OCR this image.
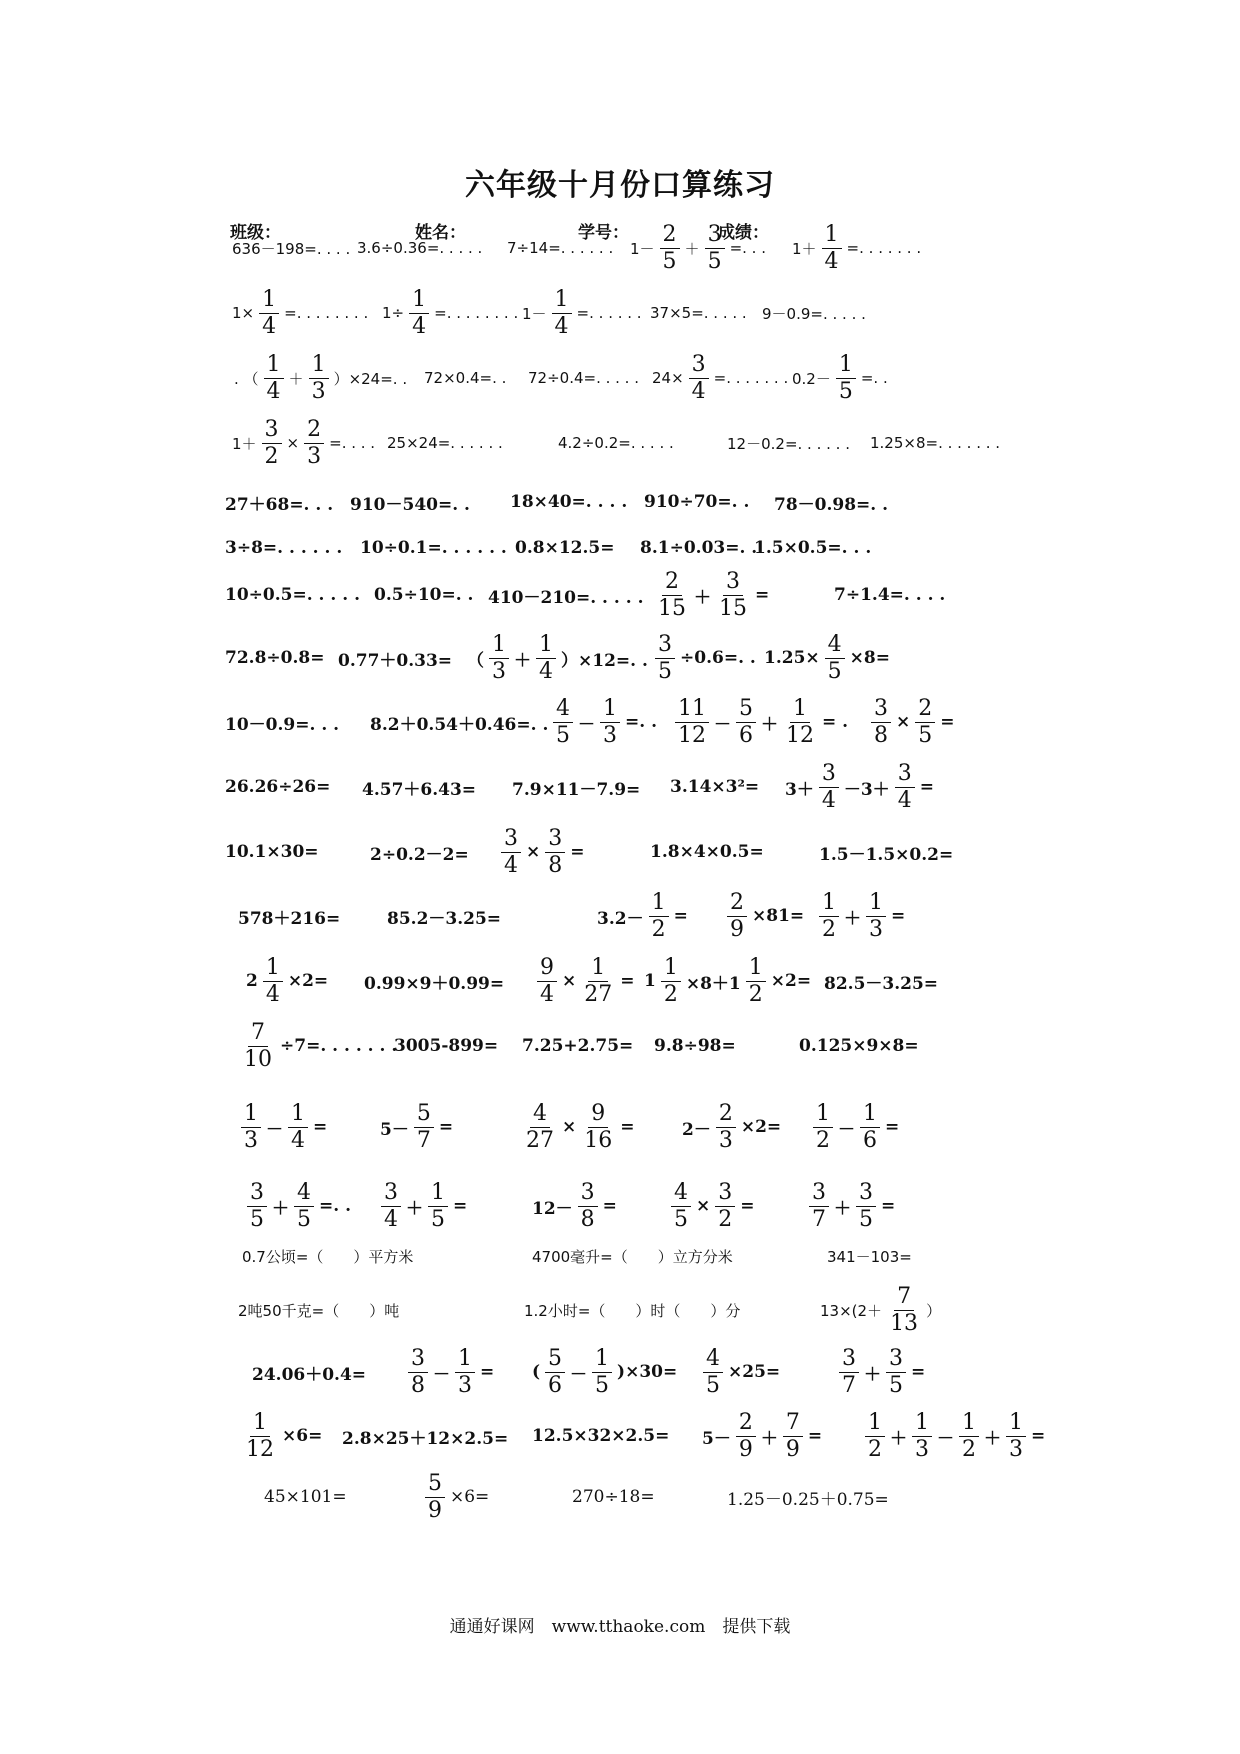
六年级十月份口算练习
班级：	姓名：	学号：	成绩：
636－198=. . . . 3.6÷0.36=. . . . . 7÷14=. . . . . . $1- \frac{2}{5} + \frac{3}{5}$ =. . . $1+ \frac{1}{4}$ =. . . . . . .
$1\times \frac{1}{4}$ =. . . . . . . . $1\div \frac{1}{4}$ =. . . . . . . . $1- \frac{1}{4}$ =. . . . . . 37×5=. . . . . 9－0.9=. . . . .
. （ $\frac{1}{4} + \frac{1}{3} )\times 24=$. . 72×0.4=. . 72÷0.4=. . . . . $24\times \frac{3}{4}$ =. . . . . . . $0.2- \frac{1}{5}$ =. .
$1+ \frac{3}{2} \times \frac{2}{3}$ =. . . . 25×24=. . . . . .	4.2÷0.2=. . . . .	12－0.2=. . . . . . 1.25×8=. . . . . . .
27＋68=. . . 910－540=. . 18×40=. . . . 910÷70=. . 78－0.98=. .
3÷8=. . . . . . 10÷0.1=. . . . . . 0.8×12.5= 8.1÷0.03=. .
1.5×0.5=. . .
10÷0.5=. . . . . 0.5÷10=. . 410－210=. . . . . $\frac{2}{15} + \frac{3}{15}$ =	7÷1.4=. . . .
72.8÷0.8= 0.77＋0.33= （ $\frac{1}{3} + \frac{1}{4} )\times 12=$. . $\frac{3}{5} \div 0.6=$. . $1.25\times \frac{4}{5} \times 8=$
10－0.9=. . . 8.2＋0.54＋0.46=. . $\frac{4}{5} - \frac{1}{3}$ =. . $\frac{11}{12} - \frac{5}{6} + \frac{1}{12}$ = . $\frac{3}{8} \times \frac{2}{5}$ =
$26.26\div 26= 4.57+6.43= 7.9\times 11-7.9= 3.14\times 3^2= 3+ \frac{3}{4} -3+ \frac{3}{4}$ =
10.1×30=	$2\div 0.2-2= \frac{3}{4} \times \frac{3}{8}$ =	1.8×4×0.5=	1.5－1.5×0.2=
578＋216=	85.2－3.25=	$3.2- \frac{1}{2} = \frac{2}{9} \times 81= \frac{1}{2} + \frac{1}{3}$ =
$2 \frac{1}{4} \times 2= 0.99\times 9+0.99= \frac{9}{4} \times \frac{1}{27} = 1 \frac{1}{2} \times 8+1 \frac{1}{2} \times 2= 82.5-3.25=$
$\frac{7}{10} \div 7=$. . . . . . .
3005-899= 7.25+2.75= 9.8÷98=	0.125×9×8=
$\frac{1}{3} - \frac{1}{4}$ =	$5- \frac{5}{7}$ =	$\frac{4}{27} \times \frac{9}{16}$ =	$2- \frac{2}{3} \times 2= \frac{1}{2} - \frac{1}{6}$ =
$\frac{3}{5} + \frac{4}{5}$ =. . $\frac{3}{4} + \frac{1}{5}$ =	$12- \frac{3}{8} = \frac{4}{5} \times \frac{3}{2} = \frac{3}{7} + \frac{3}{5}$ =
0.7公顷=（　　）平方米	4700毫升=（　　）立方分米	341－103=
2吨50千克=（　　）吨	1.2小时=（　　）时（　　）分	$13\times(2+ \frac{7}{13}$ ）
$24.06+0.4= \frac{3}{8} - \frac{1}{3}$ = ( $\frac{5}{6} - \frac{1}{5} )\times 30= \frac{4}{5} \times 25=$	$\frac{3}{7} + \frac{3}{5}$ =
$\frac{1}{12} \times 6= 2.8\times 25+12\times 2.5= 12.5\times 32\times 2.5= 5- \frac{2}{9} + \frac{7}{9} = \frac{1}{2} + \frac{1}{3} - \frac{1}{2} + \frac{1}{3}$ =
45×101=	$\frac{5}{9} \times 6=$	270÷18=	1.25－0.25＋0.75=
通通好课网　www.tthaoke.com　提供下载
